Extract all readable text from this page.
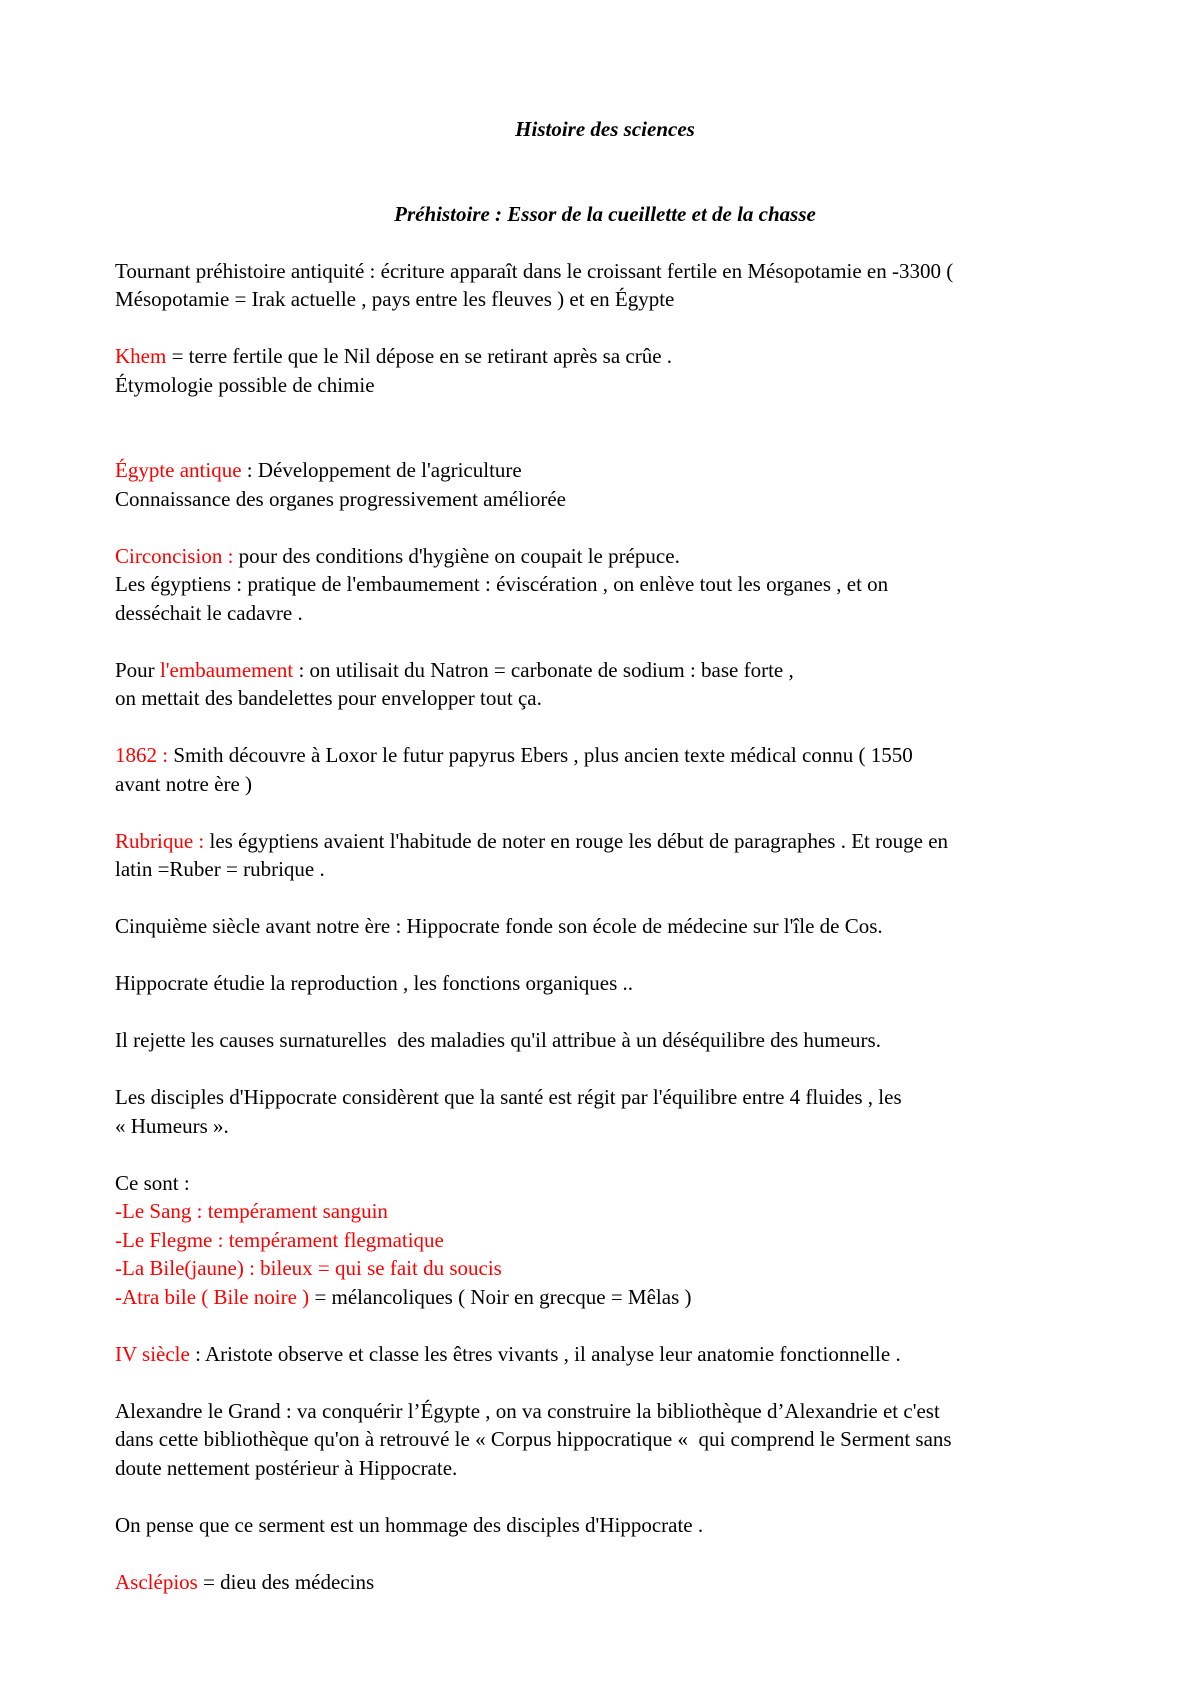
Histoire des sciences

Préhistoire : Essor de la cueillette et de la chasse

Tournant préhistoire antiquité : écriture apparaît dans le croissant fertile en Mésopotamie en -3300 (
Mésopotamie = Irak actuelle , pays entre les fleuves ) et en Égypte

Khem = terre fertile que le Nil dépose en se retirant après sa crûe .
Étymologie possible de chimie

Égypte antique : Développement de l'agriculture
Connaissance des organes progressivement améliorée

Circoncision : pour des conditions d'hygiène on coupait le prépuce.
Les égyptiens : pratique de l'embaumement : éviscération , on enlève tout les organes , et on
desséchait le cadavre .

Pour l'embaumement : on utilisait du Natron = carbonate de sodium : base forte ,
on mettait des bandelettes pour envelopper tout ça.

1862 : Smith découvre à Loxor le futur papyrus Ebers , plus ancien texte médical connu ( 1550
avant notre ère )

Rubrique : les égyptiens avaient l'habitude de noter en rouge les début de paragraphes . Et rouge en
latin =Ruber = rubrique .

Cinquième siècle avant notre ère : Hippocrate fonde son école de médecine sur l'île de Cos.

Hippocrate étudie la reproduction , les fonctions organiques ..

Il rejette les causes surnaturelles  des maladies qu'il attribue à un déséquilibre des humeurs.

Les disciples d'Hippocrate considèrent que la santé est régit par l'équilibre entre 4 fluides , les
« Humeurs ».

Ce sont :
-Le Sang : tempérament sanguin
-Le Flegme : tempérament flegmatique
-La Bile(jaune) : bileux = qui se fait du soucis
-Atra bile ( Bile noire ) = mélancoliques ( Noir en grecque = Mêlas )

IV siècle : Aristote observe et classe les êtres vivants , il analyse leur anatomie fonctionnelle .

Alexandre le Grand : va conquérir l’Égypte , on va construire la bibliothèque d’Alexandrie et c'est
dans cette bibliothèque qu'on à retrouvé le « Corpus hippocratique «  qui comprend le Serment sans
doute nettement postérieur à Hippocrate.

On pense que ce serment est un hommage des disciples d'Hippocrate .

Asclépios = dieu des médecins
